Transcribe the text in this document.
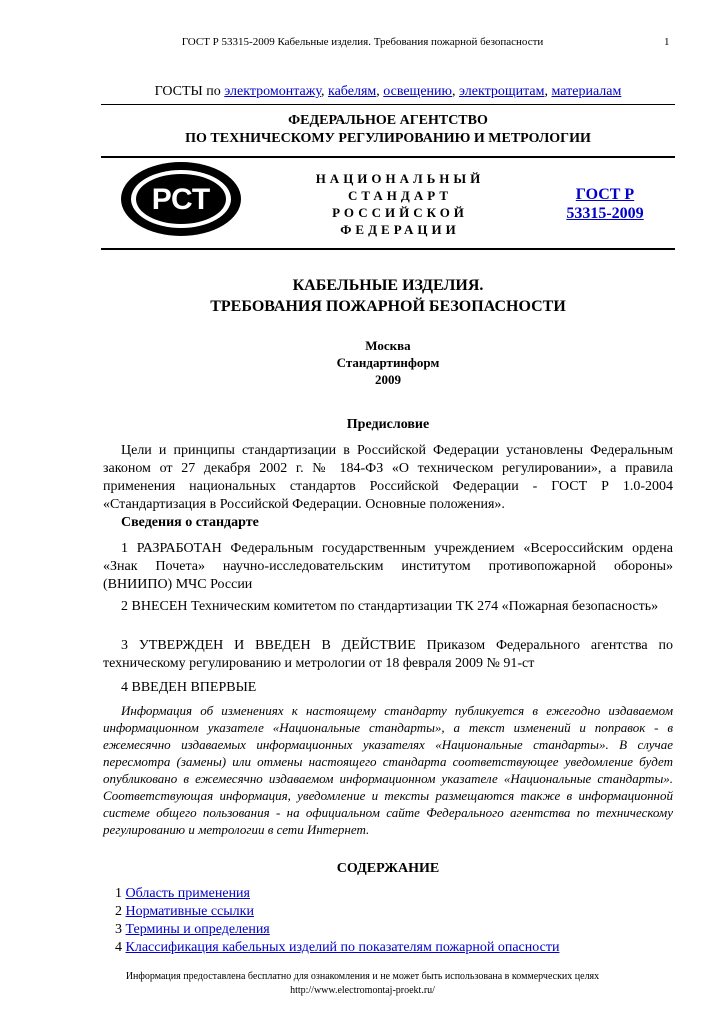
ГОСТ Р 53315-2009 Кабельные изделия. Требования пожарной безопасности	1
ГОСТЫ по электромонтажу, кабелям, освещению, электрощитам, материалам
ФЕДЕРАЛЬНОЕ АГЕНТСТВО
ПО ТЕХНИЧЕСКОМУ РЕГУЛИРОВАНИЮ И МЕТРОЛОГИИ
РСТ
НАЦИОНАЛЬНЫЙ
СТАНДАРТ
РОССИЙСКОЙ
ФЕДЕРАЦИИ
ГОСТ Р
53315-2009
КАБЕЛЬНЫЕ ИЗДЕЛИЯ.
ТРЕБОВАНИЯ ПОЖАРНОЙ БЕЗОПАСНОСТИ
Москва
Стандартинформ
2009
Предисловие
Цели и принципы стандартизации в Российской Федерации установлены Федеральным законом от 27 декабря 2002 г. № 184-ФЗ «О техническом регулировании», а правила применения национальных стандартов Российской Федерации - ГОСТ Р 1.0-2004 «Стандартизация в Российской Федерации. Основные положения».
Сведения о стандарте
1 РАЗРАБОТАН Федеральным государственным учреждением «Всероссийским ордена «Знак Почета» научно-исследовательским институтом противопожарной обороны» (ВНИИПО) МЧС России
2 ВНЕСЕН Техническим комитетом по стандартизации ТК 274 «Пожарная безопасность»
3 УТВЕРЖДЕН И ВВЕДЕН В ДЕЙСТВИЕ Приказом Федерального агентства по техническому регулированию и метрологии от 18 февраля 2009 № 91-ст
4 ВВЕДЕН ВПЕРВЫЕ
Информация об изменениях к настоящему стандарту публикуется в ежегодно издаваемом информационном указателе «Национальные стандарты», а текст изменений и поправок - в ежемесячно издаваемых информационных указателях «Национальные стандарты». В случае пересмотра (замены) или отмены настоящего стандарта соответствующее уведомление будет опубликовано в ежемесячно издаваемом информационном указателе «Национальные стандарты». Соответствующая информация, уведомление и тексты размещаются также в информационной системе общего пользования - на официальном сайте Федерального агентства по техническому регулированию и метрологии в сети Интернет.
СОДЕРЖАНИЕ
1 Область применения
2 Нормативные ссылки
3 Термины и определения
4 Классификация кабельных изделий по показателям пожарной опасности
Информация предоставлена бесплатно для ознакомления и не может быть использована в коммерческих целях
http://www.electromontaj-proekt.ru/
